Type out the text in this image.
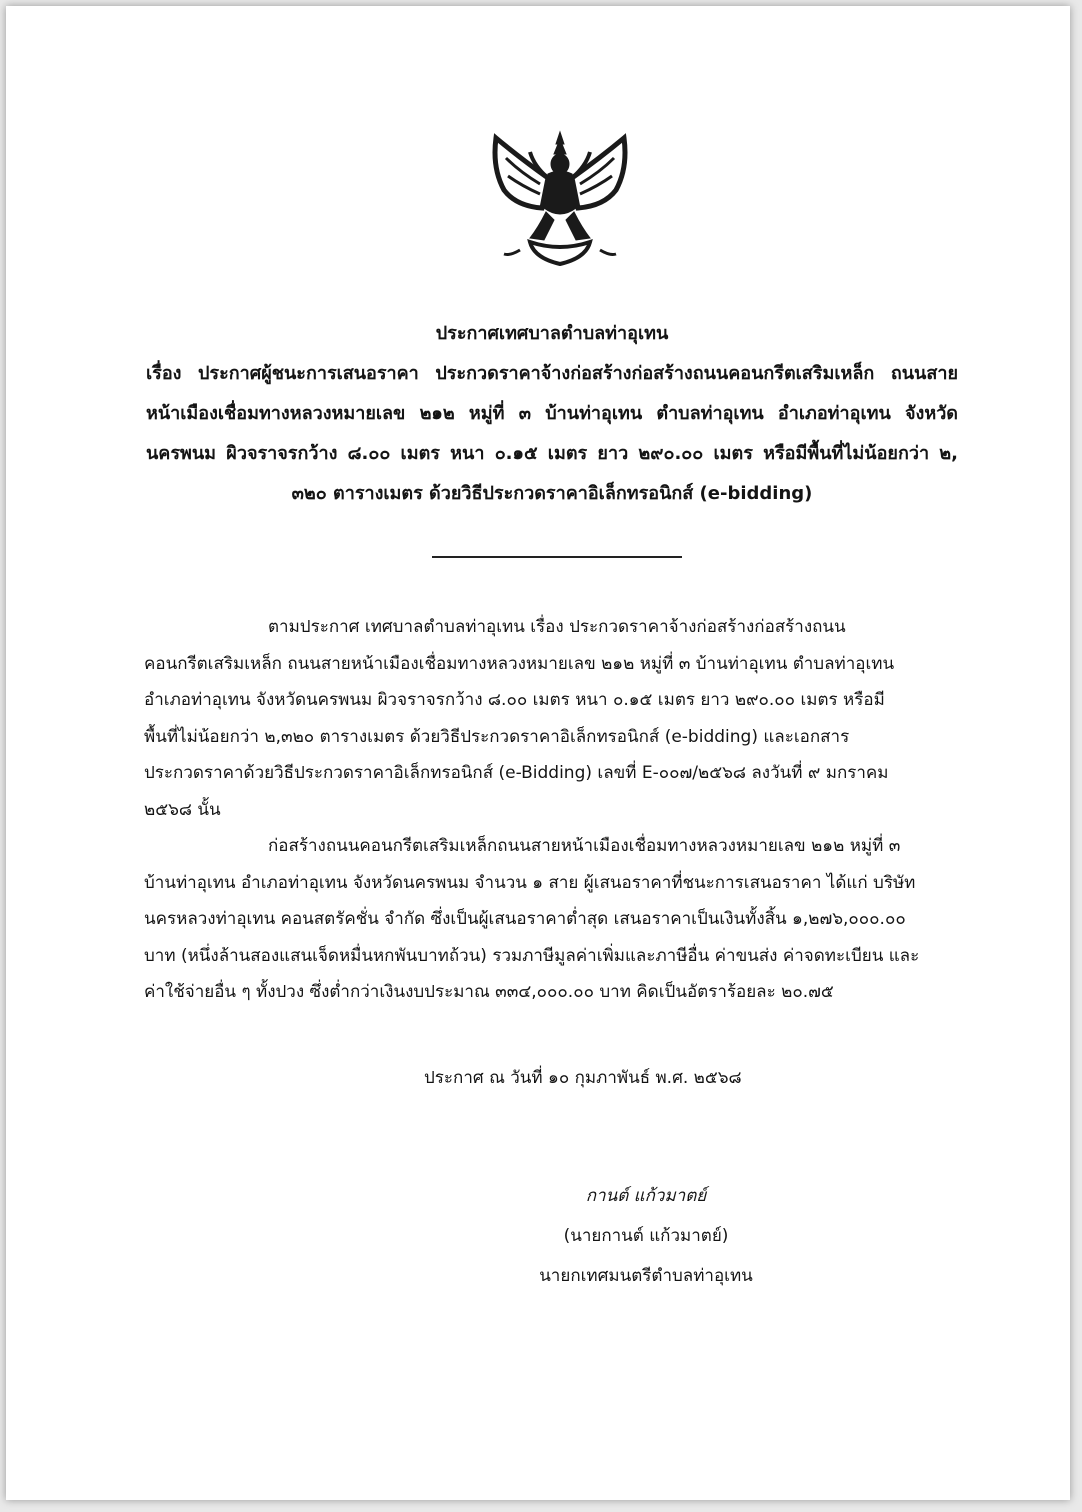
ประกาศเทศบาลตำบลท่าอุเทน
เรื่อง ประกาศผู้ชนะการเสนอราคา ประกวดราคาจ้างก่อสร้างก่อสร้างถนนคอนกรีตเสริมเหล็ก ถนนสาย
หน้าเมืองเชื่อมทางหลวงหมายเลข ๒๑๒ หมู่ที่ ๓ บ้านท่าอุเทน ตำบลท่าอุเทน อำเภอท่าอุเทน จังหวัด
นครพนม ผิวจราจรกว้าง ๘.๐๐ เมตร หนา ๐.๑๕ เมตร ยาว ๒๙๐.๐๐ เมตร หรือมีพื้นที่ไม่น้อยกว่า ๒,
๓๒๐ ตารางเมตร ด้วยวิธีประกวดราคาอิเล็กทรอนิกส์ (e-bidding)
ตามประกาศ เทศบาลตำบลท่าอุเทน เรื่อง ประกวดราคาจ้างก่อสร้างก่อสร้างถนน
คอนกรีตเสริมเหล็ก ถนนสายหน้าเมืองเชื่อมทางหลวงหมายเลข ๒๑๒ หมู่ที่ ๓ บ้านท่าอุเทน ตำบลท่าอุเทน
อำเภอท่าอุเทน จังหวัดนครพนม ผิวจราจรกว้าง ๘.๐๐ เมตร หนา ๐.๑๕ เมตร ยาว ๒๙๐.๐๐ เมตร หรือมี
พื้นที่ไม่น้อยกว่า ๒,๓๒๐ ตารางเมตร ด้วยวิธีประกวดราคาอิเล็กทรอนิกส์ (e-bidding) และเอกสาร
ประกวดราคาด้วยวิธีประกวดราคาอิเล็กทรอนิกส์ (e-Bidding) เลขที่ E-๐๐๗/๒๕๖๘ ลงวันที่ ๙ มกราคม
๒๕๖๘ นั้น
ก่อสร้างถนนคอนกรีตเสริมเหล็กถนนสายหน้าเมืองเชื่อมทางหลวงหมายเลข ๒๑๒ หมู่ที่ ๓
บ้านท่าอุเทน อำเภอท่าอุเทน จังหวัดนครพนม จำนวน ๑ สาย ผู้เสนอราคาที่ชนะการเสนอราคา ได้แก่ บริษัท
นครหลวงท่าอุเทน คอนสตรัคชั่น จำกัด ซึ่งเป็นผู้เสนอราคาต่ำสุด เสนอราคาเป็นเงินทั้งสิ้น ๑,๒๗๖,๐๐๐.๐๐
บาท (หนึ่งล้านสองแสนเจ็ดหมื่นหกพันบาทถ้วน) รวมภาษีมูลค่าเพิ่มและภาษีอื่น ค่าขนส่ง ค่าจดทะเบียน และ
ค่าใช้จ่ายอื่น ๆ ทั้งปวง ซึ่งต่ำกว่าเงินงบประมาณ ๓๓๔,๐๐๐.๐๐ บาท คิดเป็นอัตราร้อยละ ๒๐.๗๕
ประกาศ ณ วันที่ ๑๐ กุมภาพันธ์ พ.ศ. ๒๕๖๘
กานต์ แก้วมาตย์
(นายกานต์ แก้วมาตย์)
นายกเทศมนตรีตำบลท่าอุเทน
